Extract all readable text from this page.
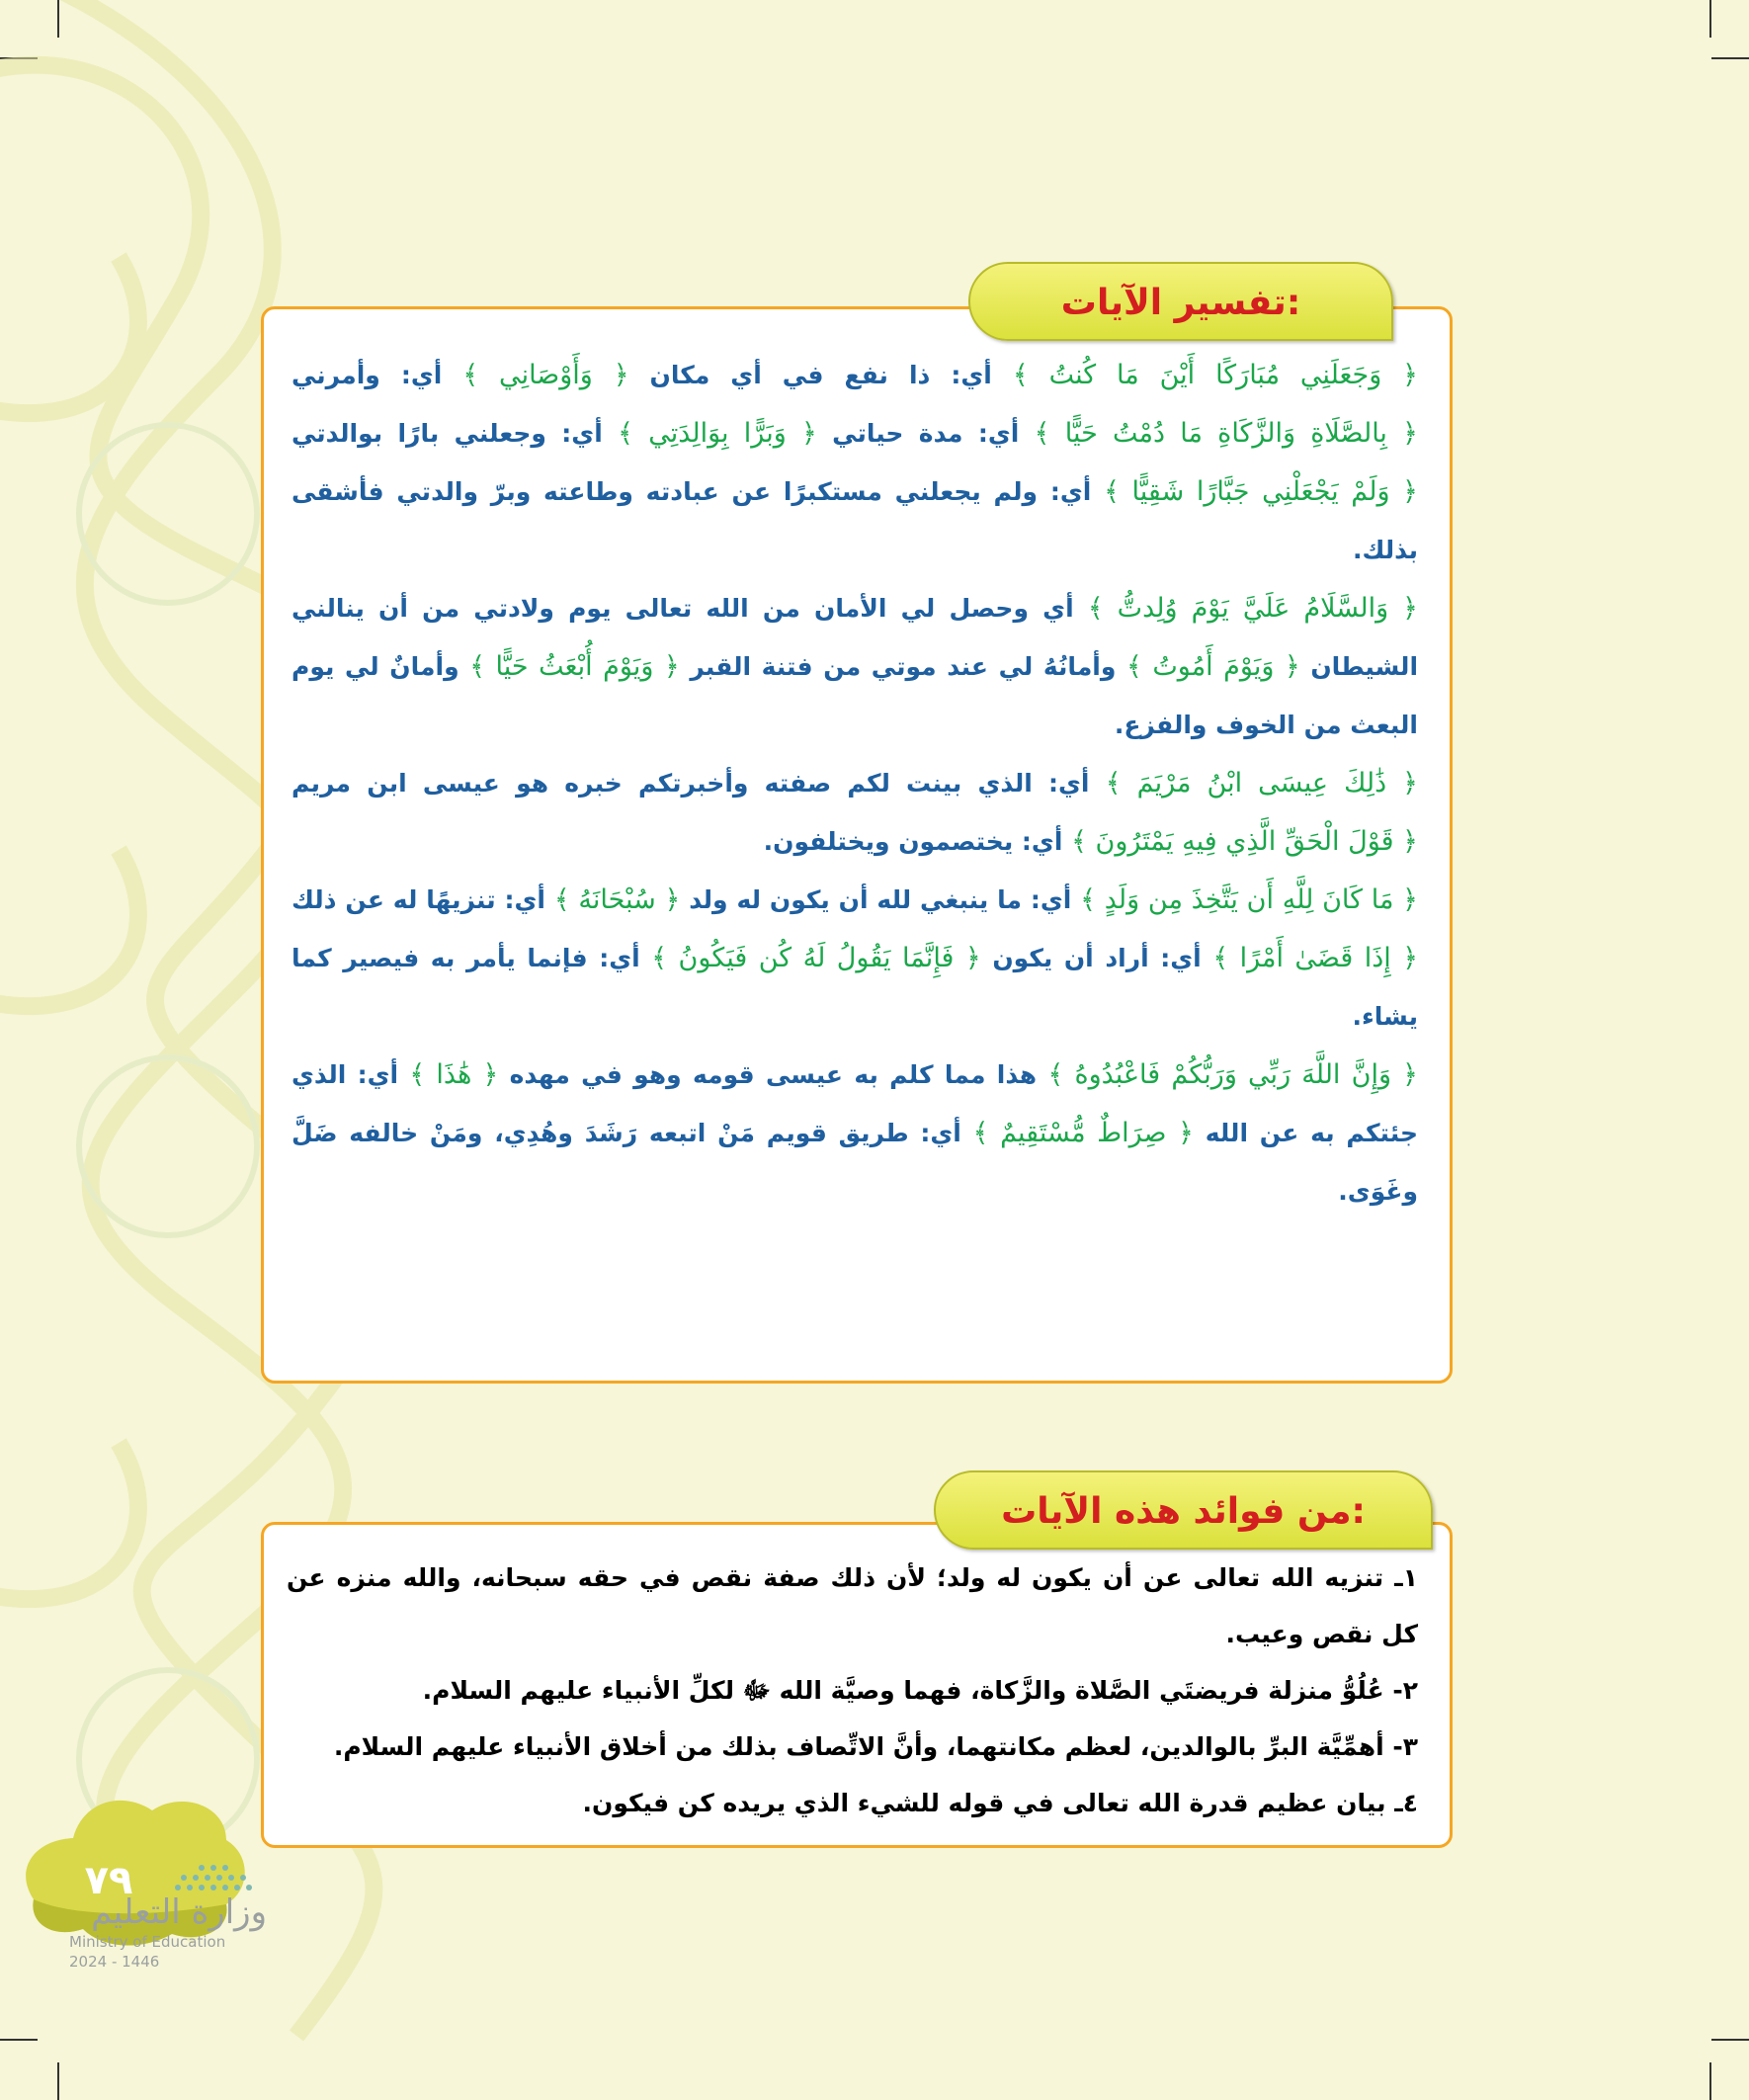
تفسير الآيات:

﴿ وَجَعَلَنِي مُبَارَكًا أَيْنَ مَا كُنتُ ﴾ أي: ذا نفع في أي مكان ﴿ وَأَوْصَانِي ﴾ أي: وأمرني ﴿ بِالصَّلَاةِ وَالزَّكَاةِ مَا دُمْتُ حَيًّا ﴾ أي: مدة حياتي ﴿ وَبَرًّا بِوَالِدَتِي ﴾ أي: وجعلني بارًا بوالدتي ﴿ وَلَمْ يَجْعَلْنِي جَبَّارًا شَقِيًّا ﴾ أي: ولم يجعلني مستكبرًا عن عبادته وطاعته وبرّ والدتي فأشقى بذلك.

﴿ وَالسَّلَامُ عَلَيَّ يَوْمَ وُلِدتُّ ﴾ أي وحصل لي الأمان من الله تعالى يوم ولادتي من أن ينالني الشيطان ﴿ وَيَوْمَ أَمُوتُ ﴾ وأمانُهُ لي عند موتي من فتنة القبر ﴿ وَيَوْمَ أُبْعَثُ حَيًّا ﴾ وأمانٌ لي يوم البعث من الخوف والفزع.

﴿ ذَٰلِكَ عِيسَى ابْنُ مَرْيَمَ ﴾ أي: الذي بينت لكم صفته وأخبرتكم خبره هو عيسى ابن مريم ﴿ قَوْلَ الْحَقِّ الَّذِي فِيهِ يَمْتَرُونَ ﴾ أي: يختصمون ويختلفون.

﴿ مَا كَانَ لِلَّهِ أَن يَتَّخِذَ مِن وَلَدٍ ﴾ أي: ما ينبغي لله أن يكون له ولد ﴿ سُبْحَانَهُ ﴾ أي: تنزيهًا له عن ذلك ﴿ إِذَا قَضَىٰ أَمْرًا ﴾ أي: أراد أن يكون ﴿ فَإِنَّمَا يَقُولُ لَهُ كُن فَيَكُونُ ﴾ أي: فإنما يأمر به فيصير كما يشاء.

﴿ وَإِنَّ اللَّهَ رَبِّي وَرَبُّكُمْ فَاعْبُدُوهُ ﴾ هذا مما كلم به عيسى قومه وهو في مهده ﴿ هَٰذَا ﴾ أي: الذي جئتكم به عن الله ﴿ صِرَاطٌ مُّسْتَقِيمٌ ﴾ أي: طريق قويم مَنْ اتبعه رَشَدَ وهُدِي، ومَنْ خالفه ضَلَّ وغَوَى.

من فوائد هذه الآيات:

١ـ تنزيه الله تعالى عن أن يكون له ولد؛ لأن ذلك صفة نقص في حقه سبحانه، والله منزه عن كل نقص وعيب.

٢- عُلُوُّ منزلة فريضتَي الصَّلاة والزَّكاة، فهما وصيَّة الله ﷻ لكلِّ الأنبياء عليهم السلام.

٣- أهمِّيَّة البرِّ بالوالدين، لعظم مكانتهما، وأنَّ الاتِّصاف بذلك من أخلاق الأنبياء عليهم السلام.

٤ـ بيان عظيم قدرة الله تعالى في قوله للشيء الذي يريده كن فيكون.

٧٩
وزارة التعليم
Ministry of Education
2024 - 1446
